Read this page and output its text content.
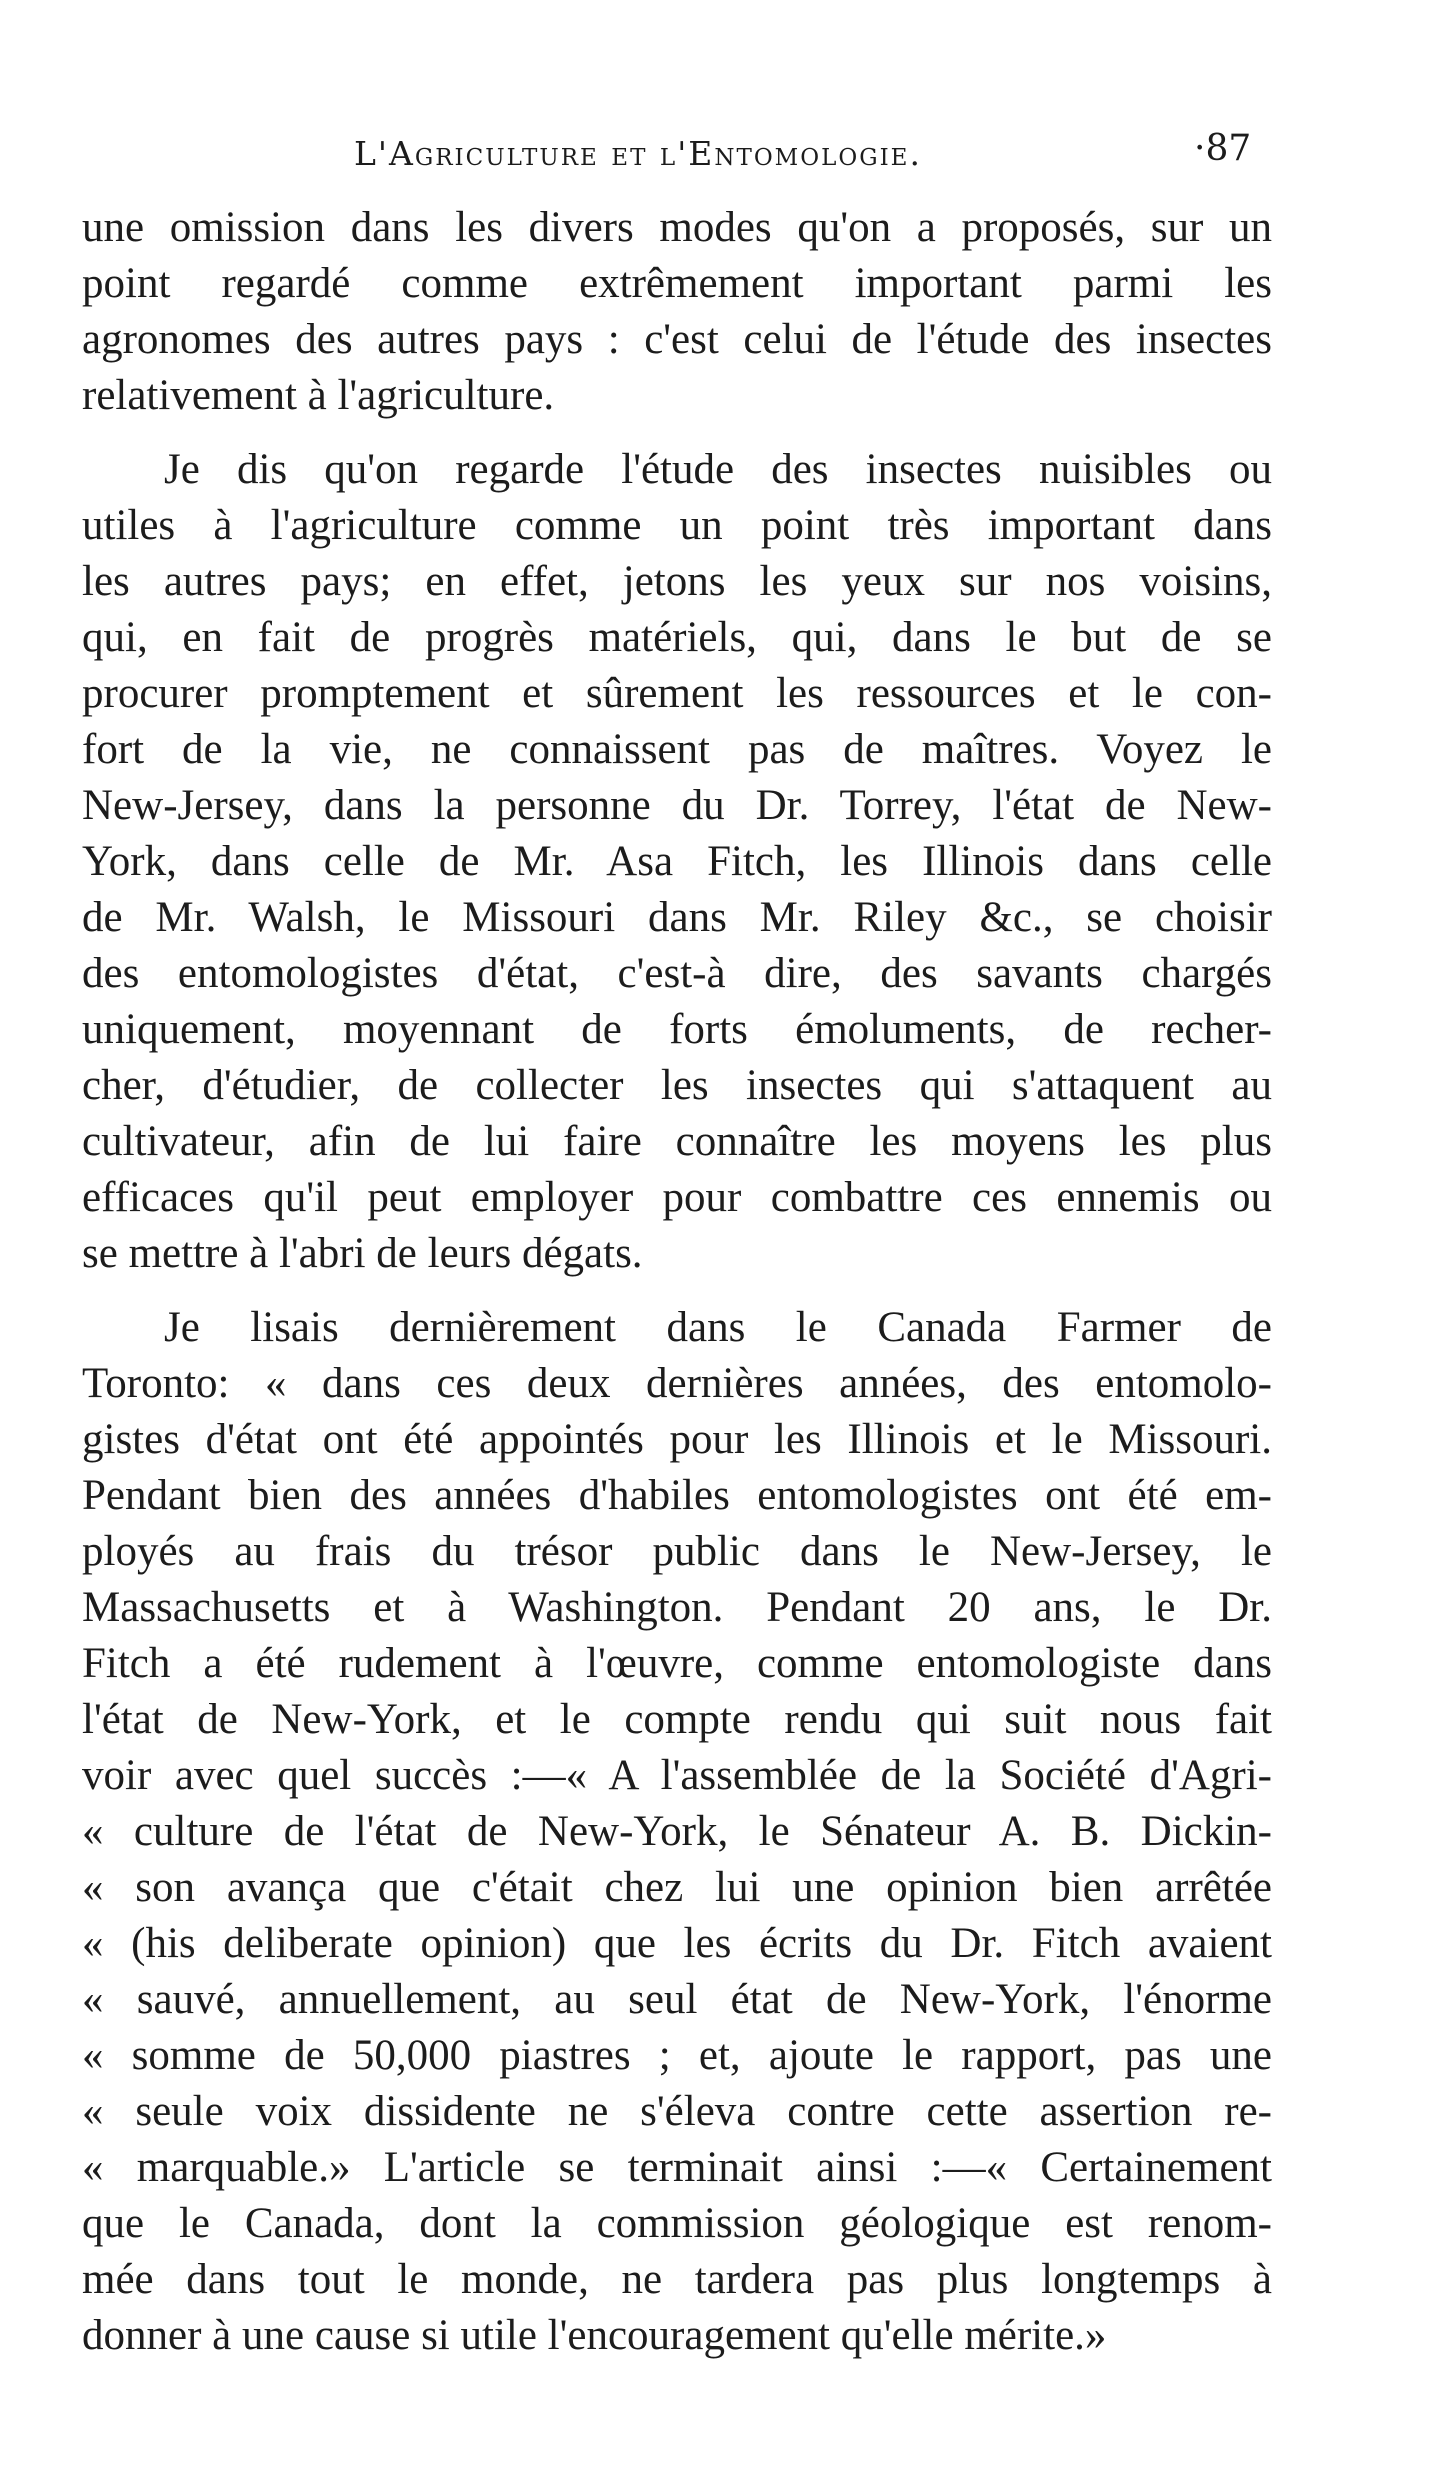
L'Agriculture et l'Entomologie.	·87
une omission dans les divers modes qu'on a proposés, sur un
point regardé comme extrêmement important parmi les
agronomes des autres pays : c'est celui de l'étude des insectes
relativement à l'agriculture.
Je dis qu'on regarde l'étude des insectes nuisibles ou
utiles à l'agriculture comme un point très important dans
les autres pays; en effet, jetons les yeux sur nos voisins,
qui, en fait de progrès matériels, qui, dans le but de se
procurer promptement et sûrement les ressources et le con-
fort de la vie, ne connaissent pas de maîtres. Voyez le
New-Jersey, dans la personne du Dr. Torrey, l'état de New-
York, dans celle de Mr. Asa Fitch, les Illinois dans celle
de Mr. Walsh, le Missouri dans Mr. Riley &c., se choisir
des entomologistes d'état, c'est-à dire, des savants chargés
uniquement, moyennant de forts émoluments, de recher-
cher, d'étudier, de collecter les insectes qui s'attaquent au
cultivateur, afin de lui faire connaître les moyens les plus
efficaces qu'il peut employer pour combattre ces ennemis ou
se mettre à l'abri de leurs dégats.
Je lisais dernièrement dans le Canada Farmer de
Toronto: « dans ces deux dernières années, des entomolo-
gistes d'état ont été appointés pour les Illinois et le Missouri.
Pendant bien des années d'habiles entomologistes ont été em-
ployés au frais du trésor public dans le New-Jersey, le
Massachusetts et à Washington. Pendant 20 ans, le Dr.
Fitch a été rudement à l'œuvre, comme entomologiste dans
l'état de New-York, et le compte rendu qui suit nous fait
voir avec quel succès :—« A l'assemblée de la Société d'Agri-
« culture de l'état de New-York, le Sénateur A. B. Dickin-
« son avança que c'était chez lui une opinion bien arrêtée
« (his deliberate opinion) que les écrits du Dr. Fitch avaient
« sauvé, annuellement, au seul état de New-York, l'énorme
« somme de 50,000 piastres ; et, ajoute le rapport, pas une
« seule voix dissidente ne s'éleva contre cette assertion re-
« marquable.» L'article se terminait ainsi :—« Certainement
que le Canada, dont la commission géologique est renom-
mée dans tout le monde, ne tardera pas plus longtemps à
donner à une cause si utile l'encouragement qu'elle mérite.»
